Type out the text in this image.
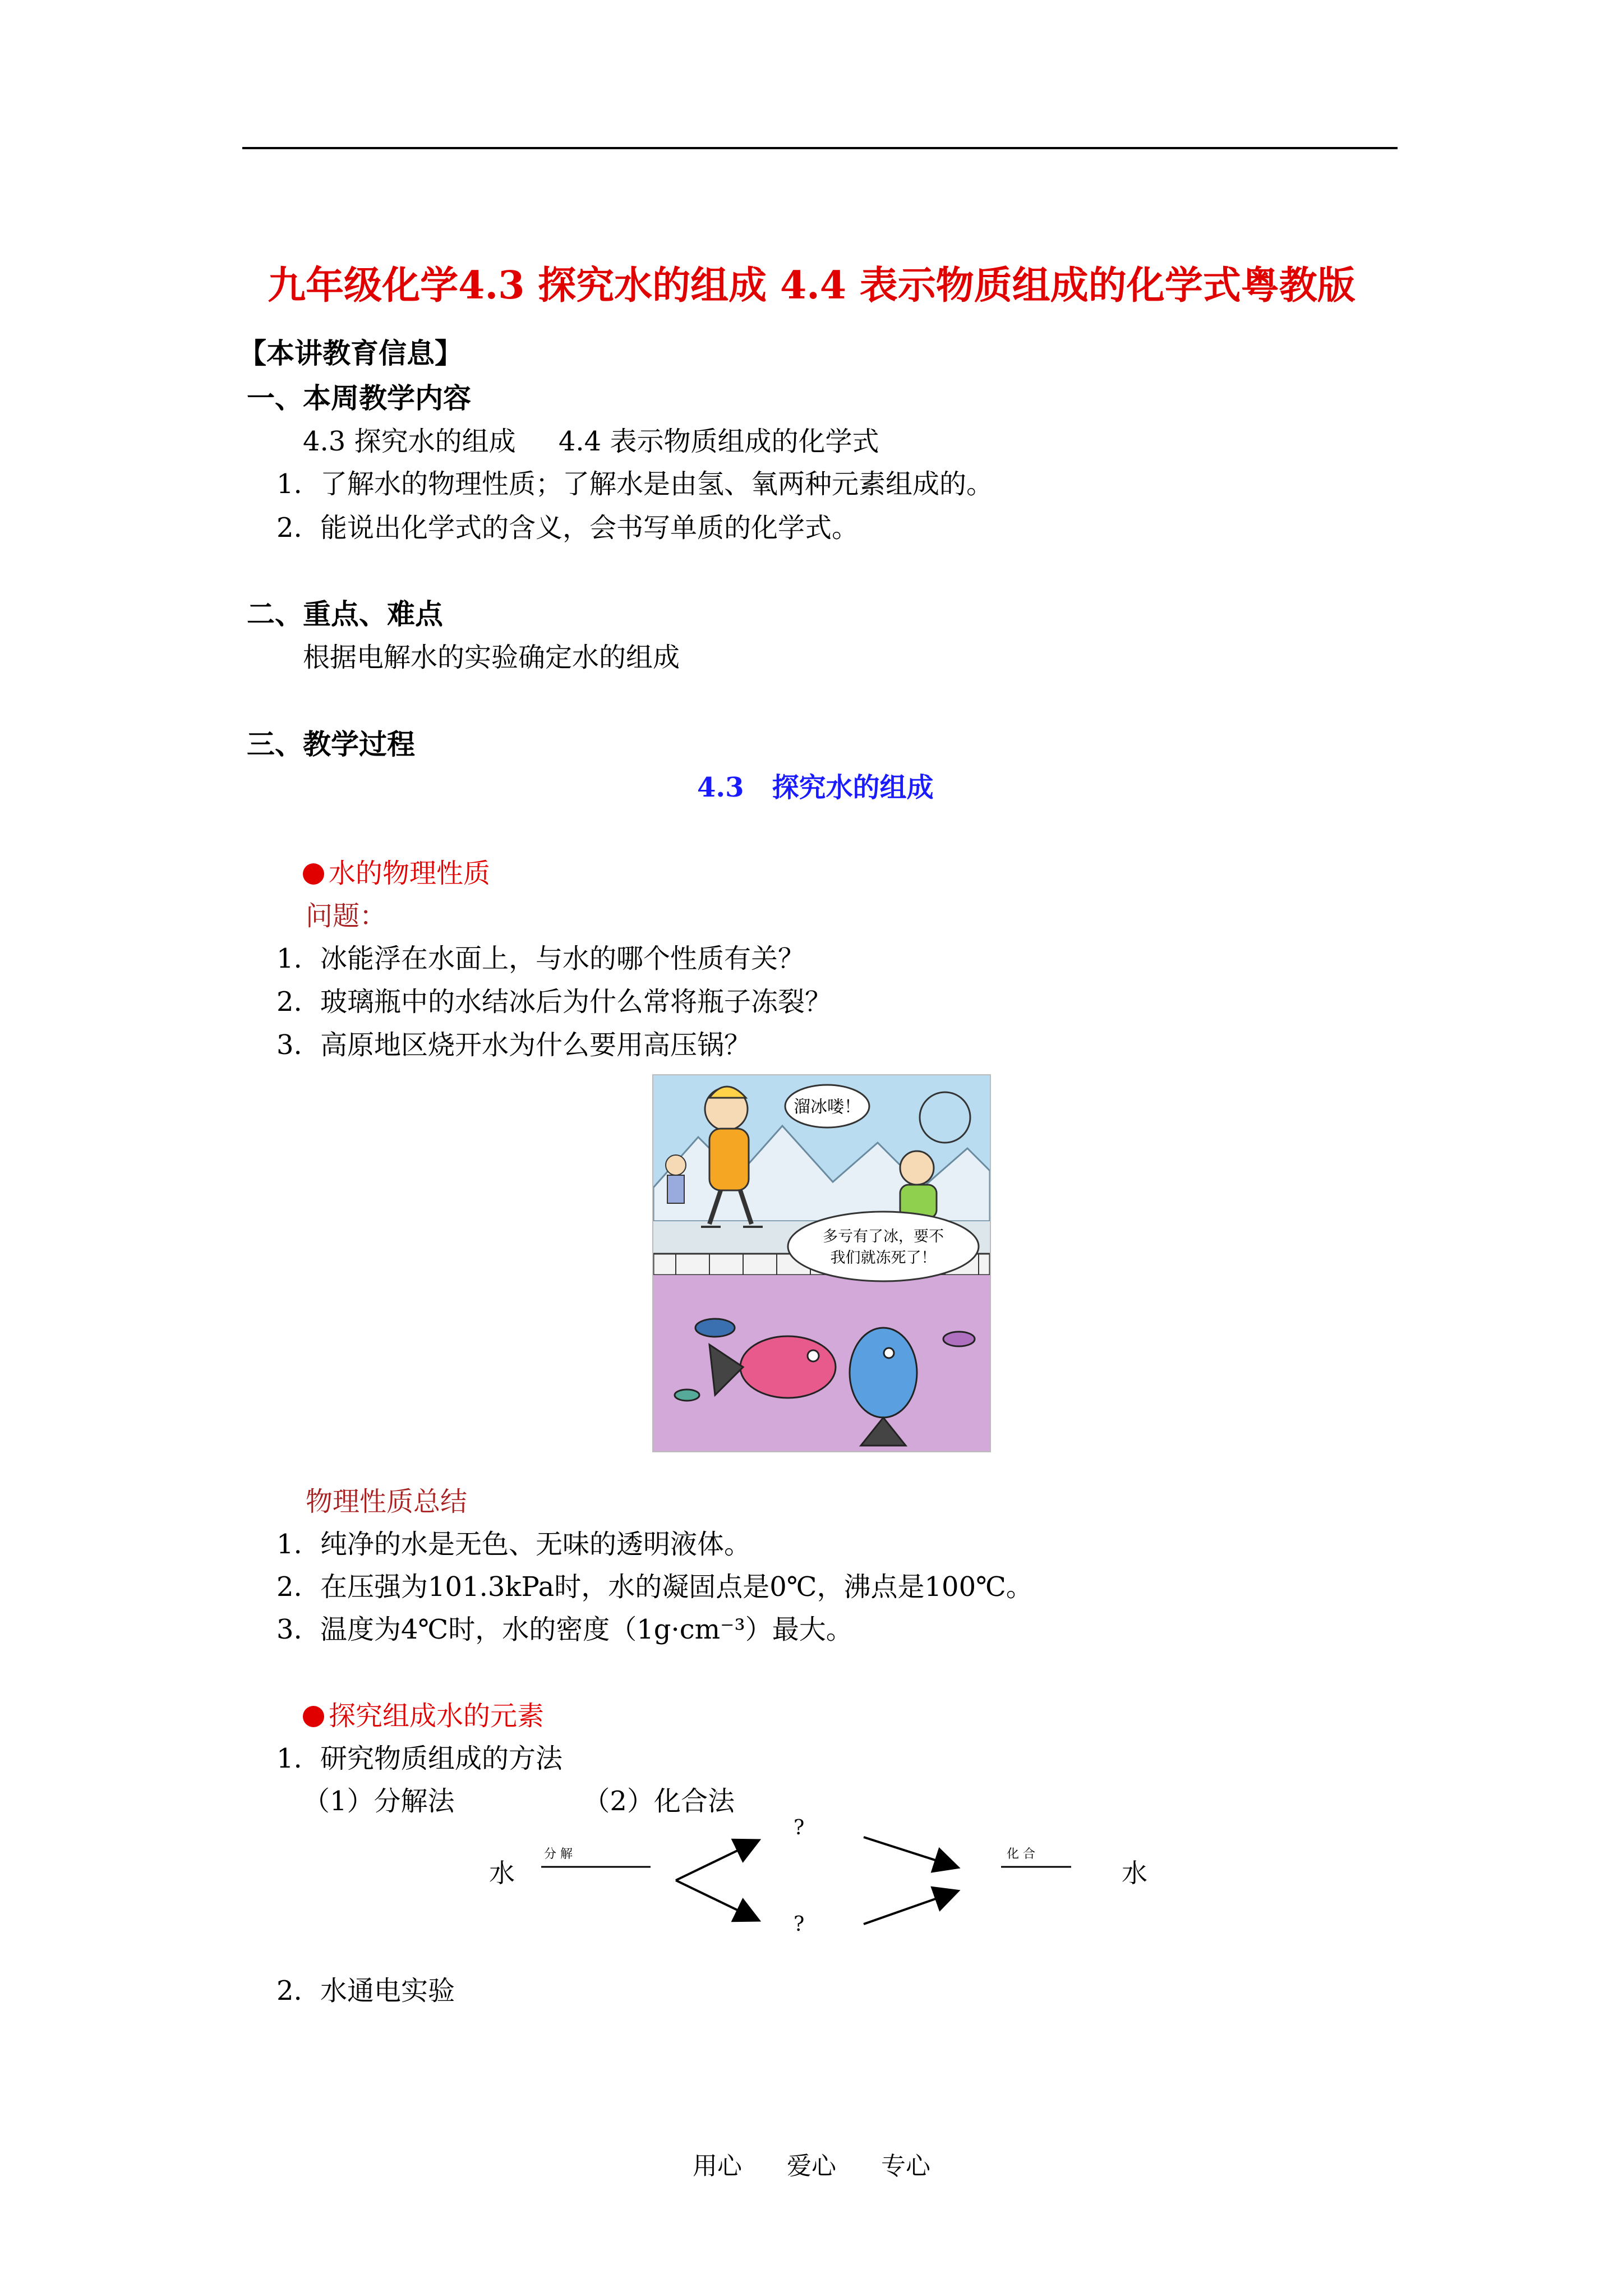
九年级化学4.3 探究水的组成 4.4 表示物质组成的化学式粤教版
【本讲教育信息】
一、本周教学内容
4.3 探究水的组成     4.4 表示物质组成的化学式
1. 了解水的物理性质；了解水是由氢、氧两种元素组成的。
2. 能说出化学式的含义，会书写单质的化学式。
二、重点、难点
根据电解水的实验确定水的组成
三、教学过程
4.3   探究水的组成
水的物理性质
问题：
1. 冰能浮在水面上，与水的哪个性质有关？
2. 玻璃瓶中的水结冰后为什么常将瓶子冻裂？
3. 高原地区烧开水为什么要用高压锅？
溜冰喽！
多亏有了冰，要不
我们就冻死了！
物理性质总结
1. 纯净的水是无色、无味的透明液体。
2. 在压强为101.3kPa时，水的凝固点是0℃，沸点是100℃。
3. 温度为4℃时，水的密度（1g·cm⁻³）最大。
探究组成水的元素
1. 研究物质组成的方法
（1）分解法               （2）化合法
水
分 解
?
?
化 合
水
2. 水通电实验
用心 爱心 专心
